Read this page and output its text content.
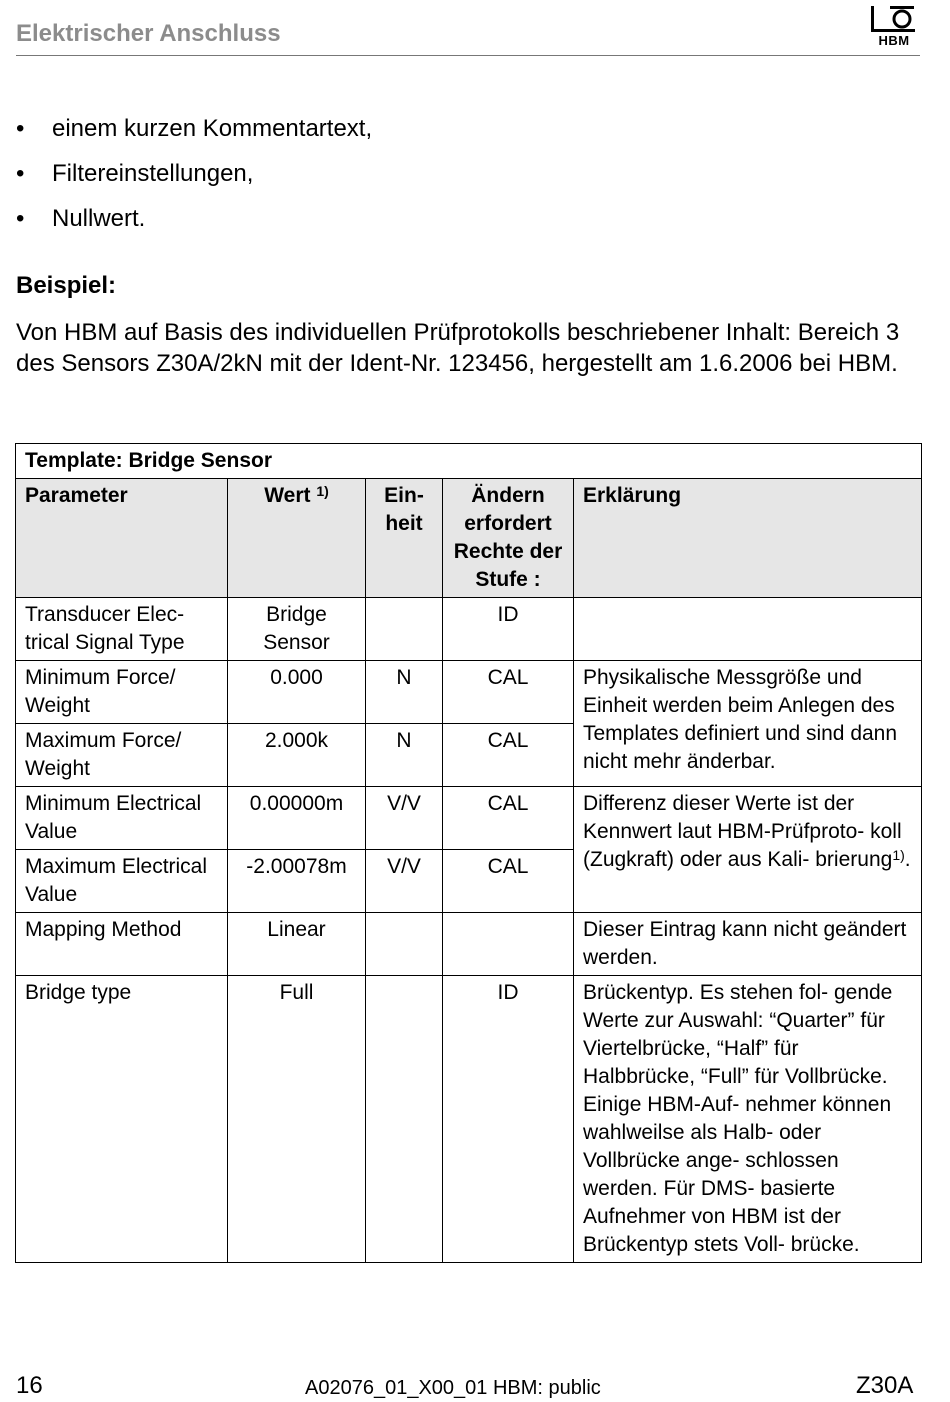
Elektrischer Anschluss	HBM
• einem kurzen Kommentartext,
• Filtereinstellungen,
• Nullwert.
Beispiel:
Von HBM auf Basis des individuellen Prüfprotokolls beschriebener Inhalt: Bereich 3 des Sensors Z30A/2kN mit der Ident-Nr. 123456, hergestellt am 1.6.2006 bei HBM.
Template: Bridge Sensor				
Parameter	Wert $^{1)}$	Ein- heit	Ändern erfordert Rechte der Stufe :	Erklärung
Transducer Elec- trical Signal Type	Bridge Sensor		ID	
Minimum Force/ Weight	0.000	N	CAL	Physikalische Messgröße und Einheit werden beim Anlegen des Templates definiert und sind dann nicht mehr änderbar.
Maximum Force/ Weight	2.000k	N	CAL	
Minimum Electrical Value	0.00000m	V/V	CAL	Differenz dieser Werte ist der Kennwert laut HBM-Prüfproto- koll (Zugkraft) oder aus Kali- brierung$^{1)}$.
Maximum Electrical Value	-2.00078m	V/V	CAL	
Mapping Method	Linear			Dieser Eintrag kann nicht geändert werden.
Bridge type	Full		ID	Brückentyp. Es stehen fol- gende Werte zur Auswahl: “Quarter” für Viertelbrücke, “Half” für Halbbrücke, “Full” für Vollbrücke. Einige HBM-Auf- nehmer können wahlweilse als Halb- oder Vollbrücke ange- schlossen werden. Für DMS- basierte Aufnehmer von HBM ist der Brückentyp stets Voll- brücke.
16	A02076_01_X00_01 HBM: public	Z30A
